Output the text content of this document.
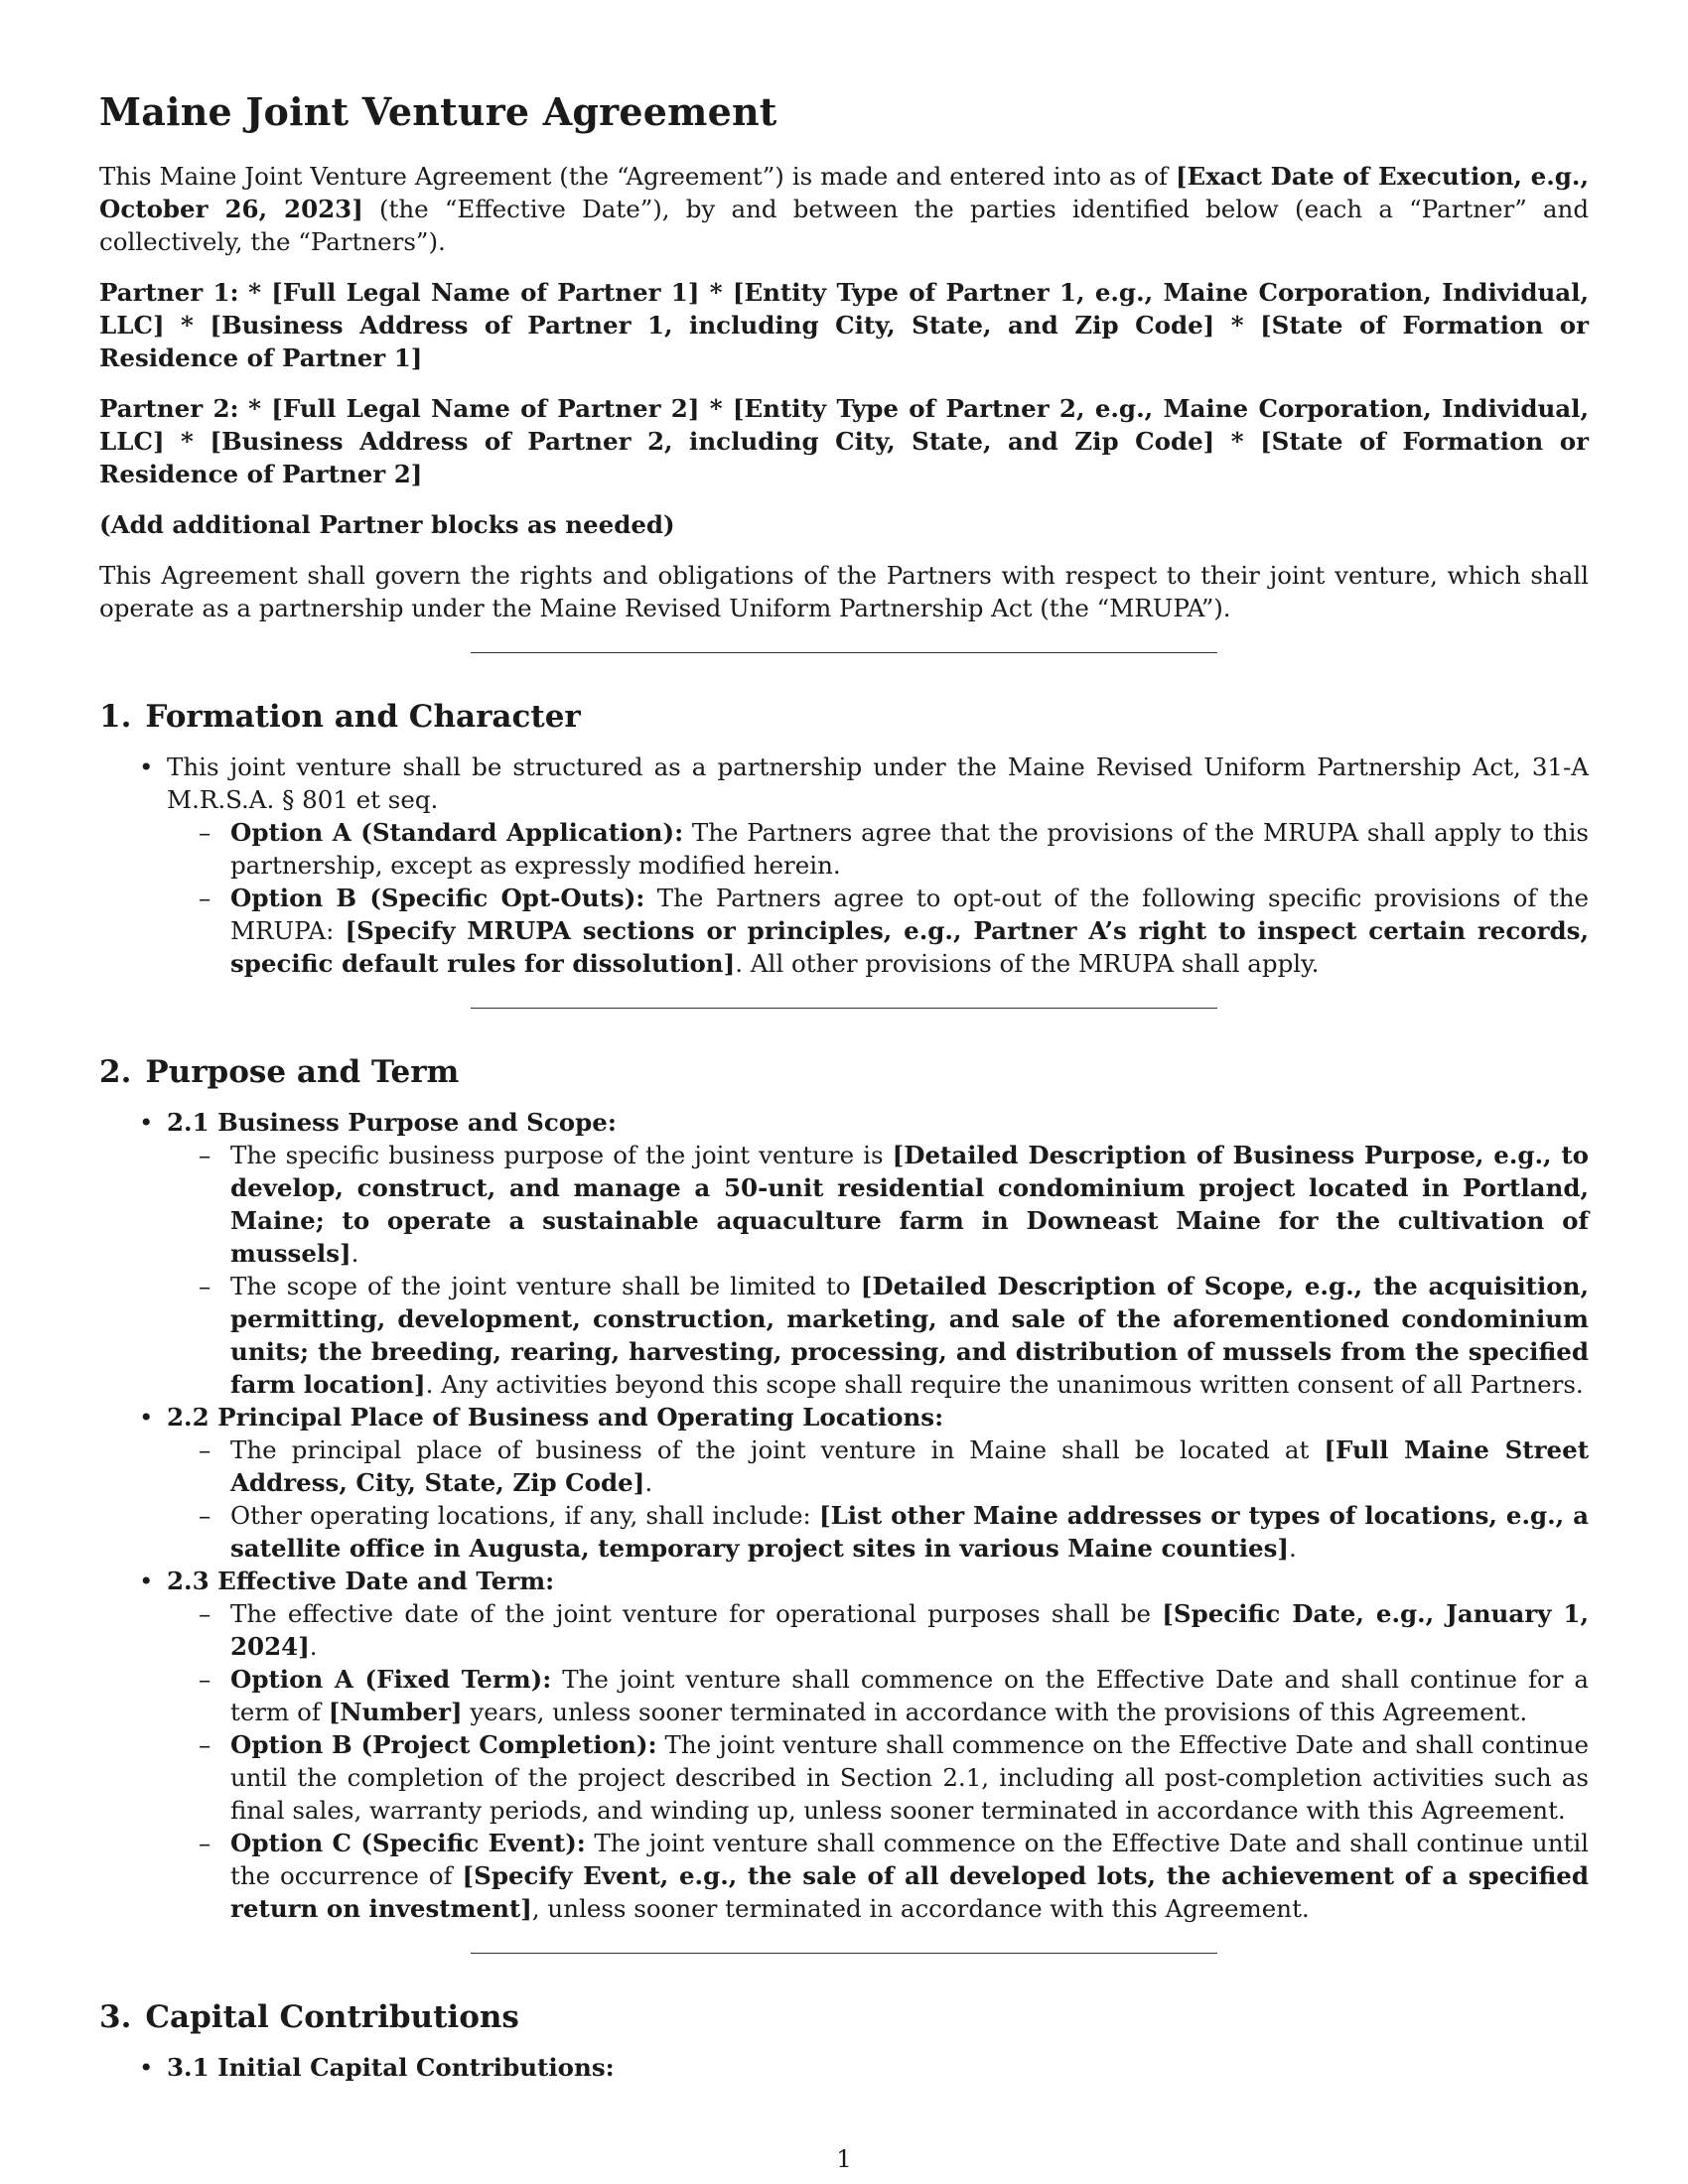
Maine Joint Venture Agreement

This Maine Joint Venture Agreement (the “Agreement”) is made and entered into as of [Exact Date of Execution, e.g., October 26, 2023] (the “Effective Date”), by and between the parties identified below (each a “Partner” and collectively, the “Partners”).

Partner 1: * [Full Legal Name of Partner 1] * [Entity Type of Partner 1, e.g., Maine Corporation, Individual, LLC] * [Business Address of Partner 1, including City, State, and Zip Code] * [State of Formation or Residence of Partner 1]

Partner 2: * [Full Legal Name of Partner 2] * [Entity Type of Partner 2, e.g., Maine Corporation, Individual, LLC] * [Business Address of Partner 2, including City, State, and Zip Code] * [State of Formation or Residence of Partner 2]

(Add additional Partner blocks as needed)

This Agreement shall govern the rights and obligations of the Partners with respect to their joint venture, which shall operate as a partnership under the Maine Revised Uniform Partnership Act (the “MRUPA”).

1. Formation and Character
• This joint venture shall be structured as a partnership under the Maine Revised Uniform Partnership Act, 31-A M.R.S.A. § 801 et seq.
– Option A (Standard Application): The Partners agree that the provisions of the MRUPA shall apply to this partnership, except as expressly modified herein.
– Option B (Specific Opt-Outs): The Partners agree to opt-out of the following specific provisions of the MRUPA: [Specify MRUPA sections or principles, e.g., Partner A’s right to inspect certain records, specific default rules for dissolution]. All other provisions of the MRUPA shall apply.
2. Purpose and Term
• 2.1 Business Purpose and Scope:
– The specific business purpose of the joint venture is [Detailed Description of Business Purpose, e.g., to develop, construct, and manage a 50-unit residential condominium project located in Portland, Maine; to operate a sustainable aquaculture farm in Downeast Maine for the cultivation of mussels].
– The scope of the joint venture shall be limited to [Detailed Description of Scope, e.g., the acquisition, permitting, development, construction, marketing, and sale of the aforementioned condominium units; the breeding, rearing, harvesting, processing, and distribution of mussels from the specified farm location]. Any activities beyond this scope shall require the unanimous written consent of all Partners.
• 2.2 Principal Place of Business and Operating Locations:
– The principal place of business of the joint venture in Maine shall be located at [Full Maine Street Address, City, State, Zip Code].
– Other operating locations, if any, shall include: [List other Maine addresses or types of locations, e.g., a satellite office in Augusta, temporary project sites in various Maine counties].
• 2.3 Effective Date and Term:
– The effective date of the joint venture for operational purposes shall be [Specific Date, e.g., January 1, 2024].
– Option A (Fixed Term): The joint venture shall commence on the Effective Date and shall continue for a term of [Number] years, unless sooner terminated in accordance with the provisions of this Agreement.
– Option B (Project Completion): The joint venture shall commence on the Effective Date and shall continue until the completion of the project described in Section 2.1, including all post-completion activities such as final sales, warranty periods, and winding up, unless sooner terminated in accordance with this Agreement.
– Option C (Specific Event): The joint venture shall commence on the Effective Date and shall continue until the occurrence of [Specify Event, e.g., the sale of all developed lots, the achievement of a specified return on investment], unless sooner terminated in accordance with this Agreement.
3. Capital Contributions
• 3.1 Initial Capital Contributions:
1
